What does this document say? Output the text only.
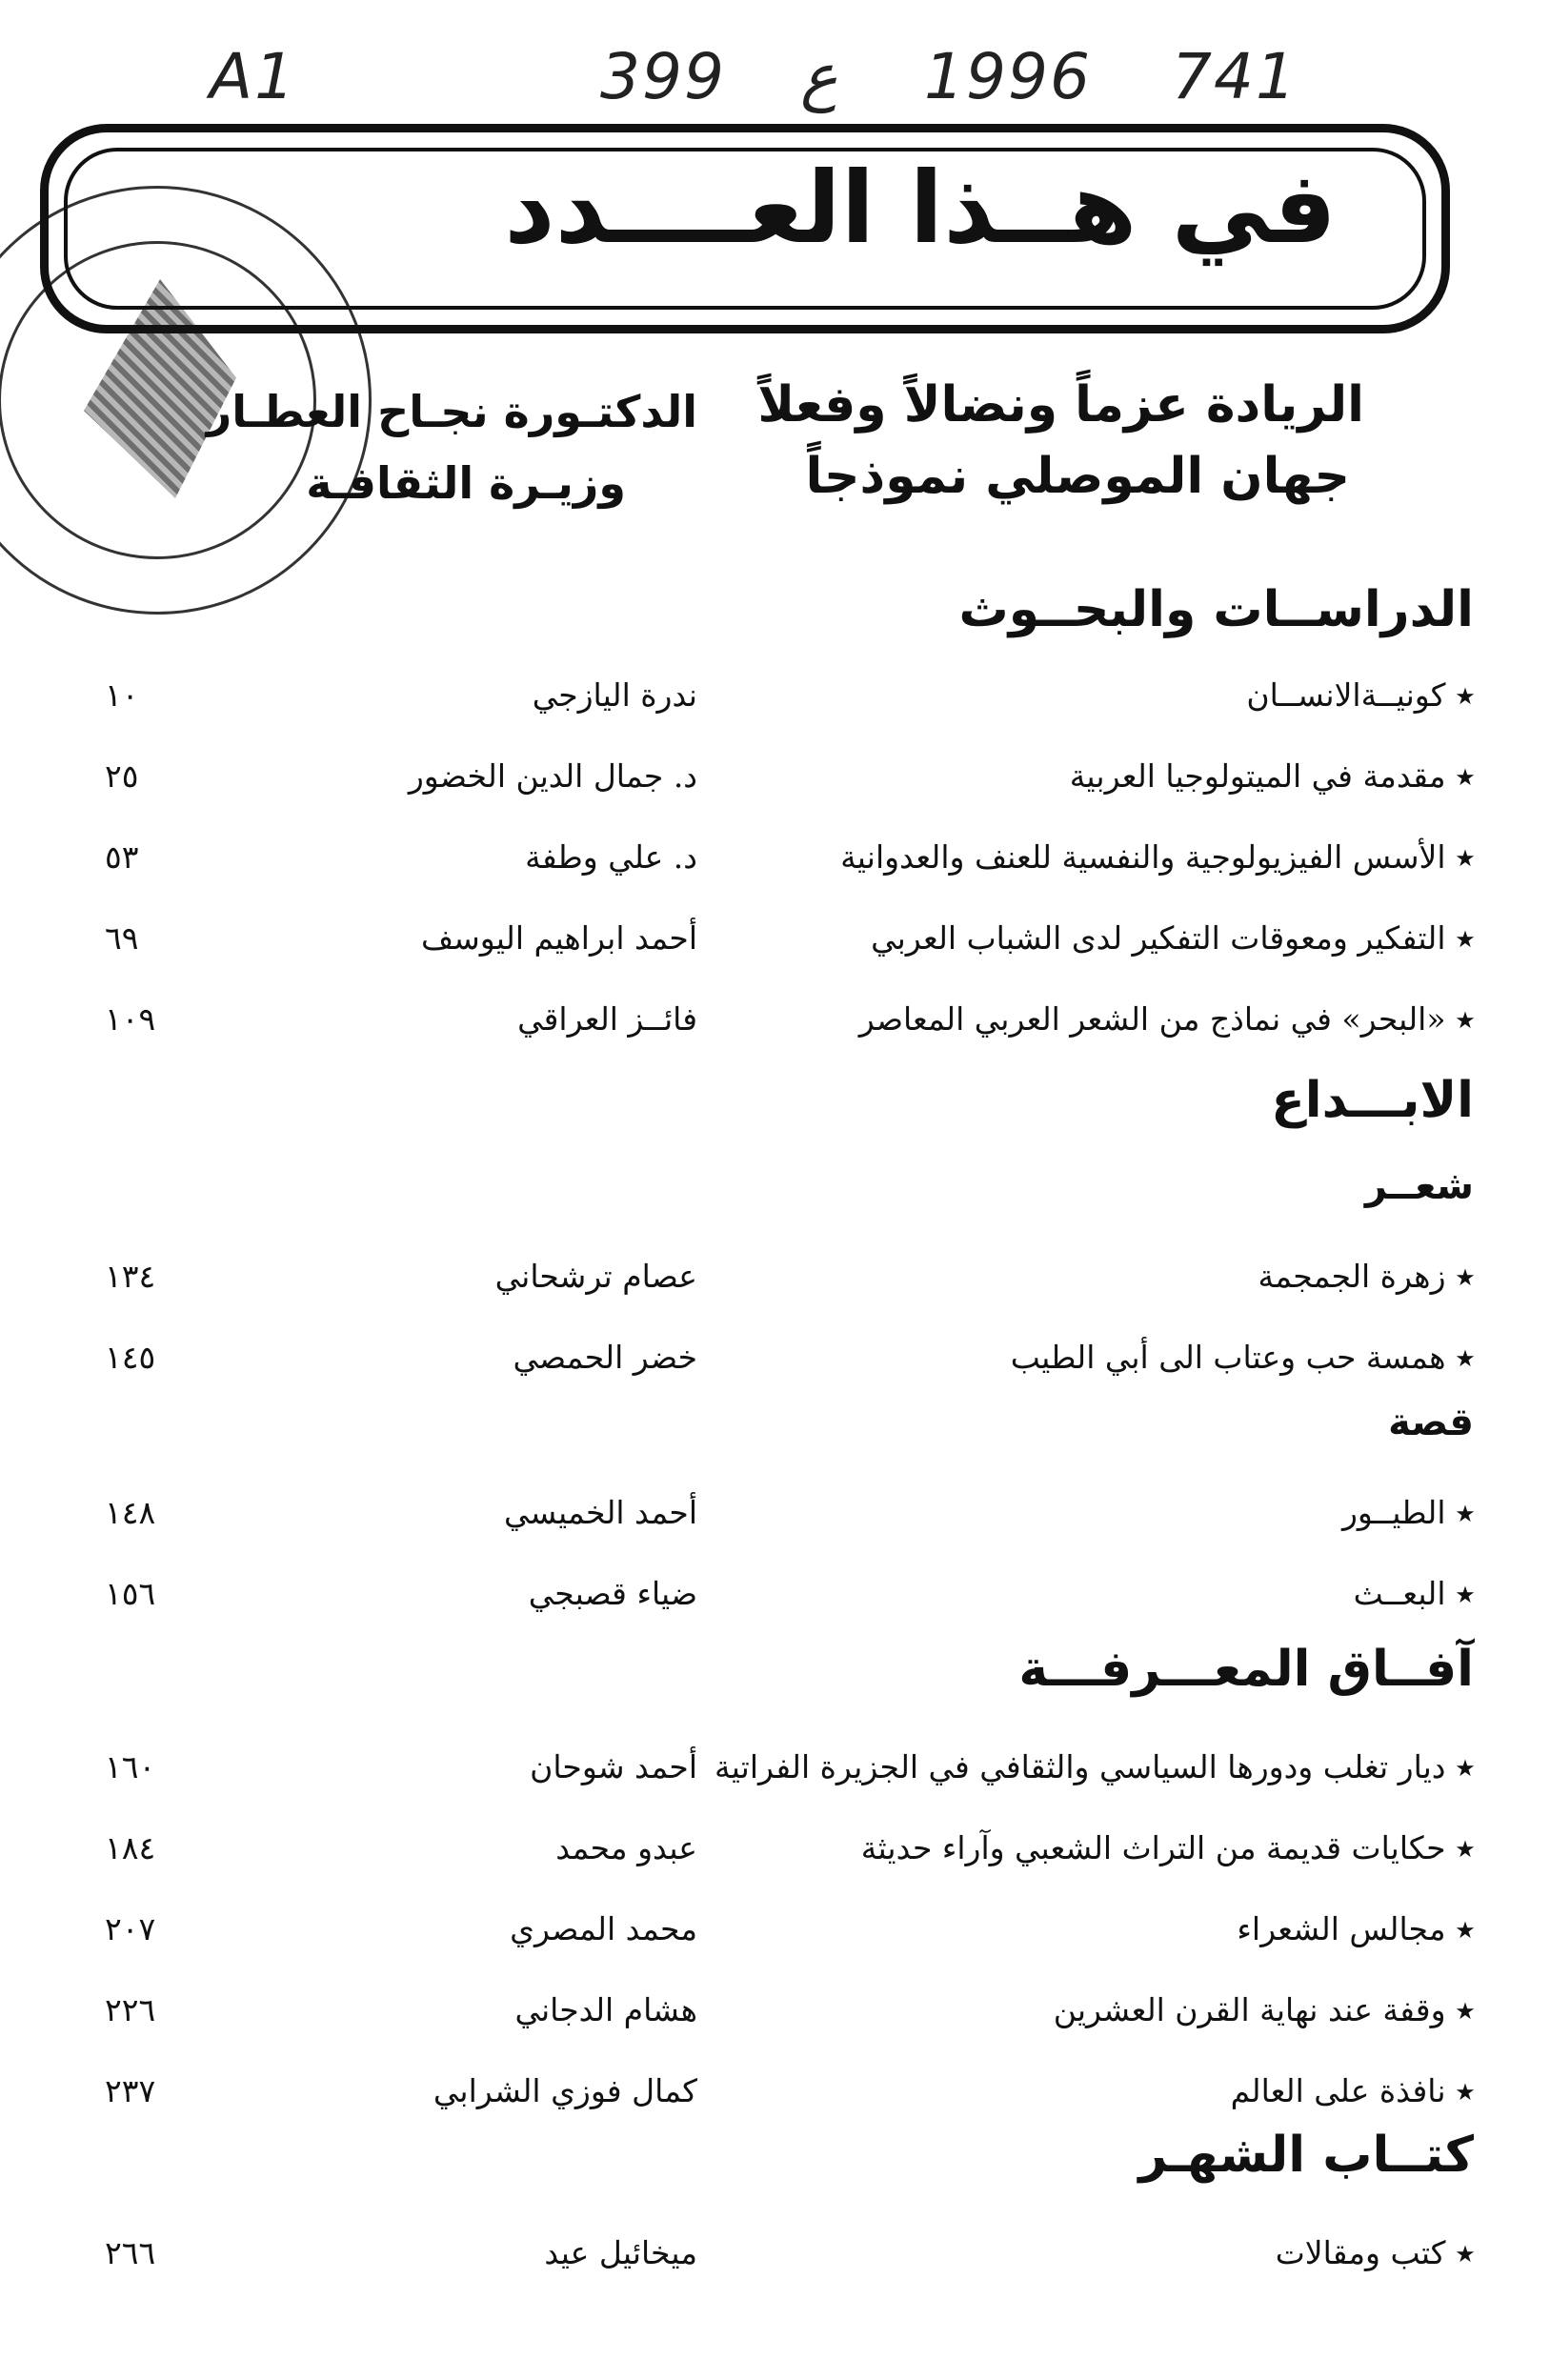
A1	399 ع 1996 741
في هــذا العــــدد
الريادة عزماً ونضالاً وفعلاً
جهان الموصلي نموذجاً
الدكتـورة نجـاح العطـار
وزيـرة الثقافـة
الدراســات والبحــوث
٭ كونيــةالانســان
ندرة اليازجي
١٠
٭ مقدمة في الميتولوجيا العربية
د. جمال الدين الخضور
٢٥
٭ الأسس الفيزيولوجية والنفسية للعنف والعدوانية
د. علي وطفة
٥٣
٭ التفكير ومعوقات التفكير لدى الشباب العربي
أحمد ابراهيم اليوسف
٦٩
٭ «البحر» في نماذج من الشعر العربي المعاصر
فائــز العراقي
١٠٩
الابـــداع
شعــر
٭ زهرة الجمجمة
عصام ترشحاني
١٣٤
٭ همسة حب وعتاب الى أبي الطيب
خضر الحمصي
١٤٥
قصة
٭ الطيــور
أحمد الخميسي
١٤٨
٭ البعــث
ضياء قصبجي
١٥٦
آفــاق المعـــرفـــة
٭ ديار تغلب ودورها السياسي والثقافي في الجزيرة الفراتية
أحمد شوحان
١٦٠
٭ حكايات قديمة من التراث الشعبي وآراء حديثة
عبدو محمد
١٨٤
٭ مجالس الشعراء
محمد المصري
٢٠٧
٭ وقفة عند نهاية القرن العشرين
هشام الدجاني
٢٢٦
٭ نافذة على العالم
كمال فوزي الشرابي
٢٣٧
كتــاب الشهـر
٭ كتب ومقالات
ميخائيل عيد
٢٦٦
